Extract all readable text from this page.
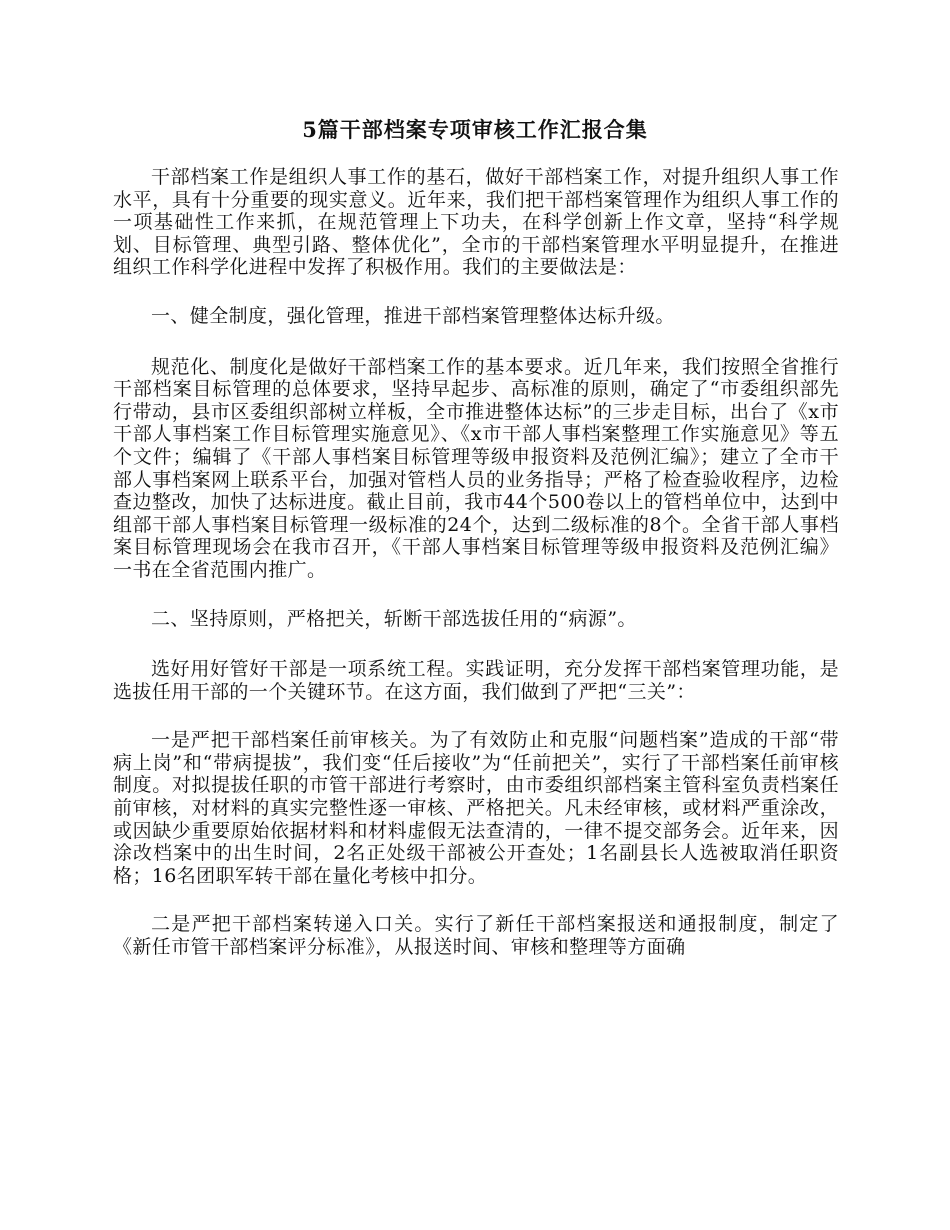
5篇干部档案专项审核工作汇报合集

干部档案工作是组织人事工作的基石，做好干部档案工作，对提升组织人事工作水平，具有十分重要的现实意义。近年来，我们把干部档案管理作为组织人事工作的一项基础性工作来抓，在规范管理上下功夫，在科学创新上作文章，坚持“科学规划、目标管理、典型引路、整体优化”，全市的干部档案管理水平明显提升，在推进组织工作科学化进程中发挥了积极作用。我们的主要做法是：

一、健全制度，强化管理，推进干部档案管理整体达标升级。

规范化、制度化是做好干部档案工作的基本要求。近几年来，我们按照全省推行干部档案目标管理的总体要求，坚持早起步、高标准的原则，确定了“市委组织部先行带动，县市区委组织部树立样板，全市推进整体达标”的三步走目标，出台了《x市干部人事档案工作目标管理实施意见》、《x市干部人事档案整理工作实施意见》等五个文件；编辑了《干部人事档案目标管理等级申报资料及范例汇编》；建立了全市干部人事档案网上联系平台，加强对管档人员的业务指导；严格了检查验收程序，边检查边整改，加快了达标进度。截止目前，我市44个500卷以上的管档单位中，达到中组部干部人事档案目标管理一级标准的24个，达到二级标准的8个。全省干部人事档案目标管理现场会在我市召开，《干部人事档案目标管理等级申报资料及范例汇编》一书在全省范围内推广。

二、坚持原则，严格把关，斩断干部选拔任用的“病源”。

选好用好管好干部是一项系统工程。实践证明，充分发挥干部档案管理功能，是选拔任用干部的一个关键环节。在这方面，我们做到了严把“三关”：

一是严把干部档案任前审核关。为了有效防止和克服“问题档案”造成的干部“带病上岗”和“带病提拔”，我们变“任后接收”为“任前把关”，实行了干部档案任前审核制度。对拟提拔任职的市管干部进行考察时，由市委组织部档案主管科室负责档案任前审核，对材料的真实完整性逐一审核、严格把关。凡未经审核，或材料严重涂改，或因缺少重要原始依据材料和材料虚假无法查清的，一律不提交部务会。近年来，因涂改档案中的出生时间，2名正处级干部被公开查处；1名副县长人选被取消任职资格；16名团职军转干部在量化考核中扣分。

二是严把干部档案转递入口关。实行了新任干部档案报送和通报制度，制定了《新任市管干部档案评分标准》，从报送时间、审核和整理等方面确
